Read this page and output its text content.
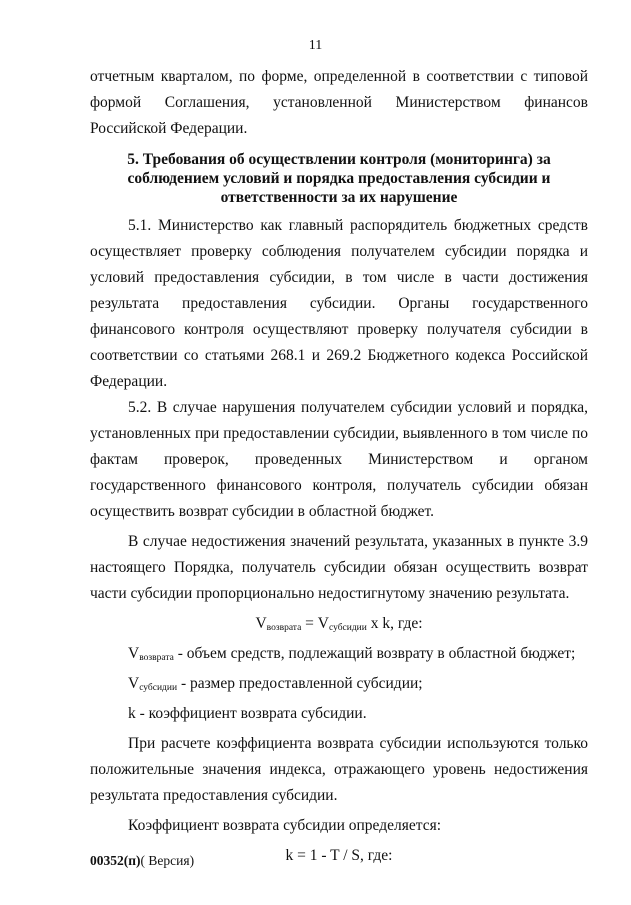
11

отчетным кварталом, по форме, определенной в соответствии с типовой формой Соглашения, установленной Министерством финансов Российской Федерации.

5. Требования об осуществлении контроля (мониторинга) за соблюдением условий и порядка предоставления субсидии и ответственности за их нарушение

5.1. Министерство как главный распорядитель бюджетных средств осуществляет проверку соблюдения получателем субсидии порядка и условий предоставления субсидии, в том числе в части достижения результата предоставления субсидии. Органы государственного финансового контроля осуществляют проверку получателя субсидии в соответствии со статьями 268.1 и 269.2 Бюджетного кодекса Российской Федерации.

5.2. В случае нарушения получателем субсидии условий и порядка, установленных при предоставлении субсидии, выявленного в том числе по фактам проверок, проведенных Министерством и органом государственного финансового контроля, получатель субсидии обязан осуществить возврат субсидии в областной бюджет.

В случае недостижения значений результата, указанных в пункте 3.9 настоящего Порядка, получатель субсидии обязан осуществить возврат части субсидии пропорционально недостигнутому значению результата.

$V_{возврата} = V_{субсидии}$ x k, где:

$V_{возврата}$ - объем средств, подлежащий возврату в областной бюджет;

$V_{субсидии}$ - размер предоставленной субсидии;

k - коэффициент возврата субсидии.

При расчете коэффициента возврата субсидии используются только положительные значения индекса, отражающего уровень недостижения результата предоставления субсидии.

Коэффициент возврата субсидии определяется:

k = 1 - T / S, где:

00352(п)( Версия)
